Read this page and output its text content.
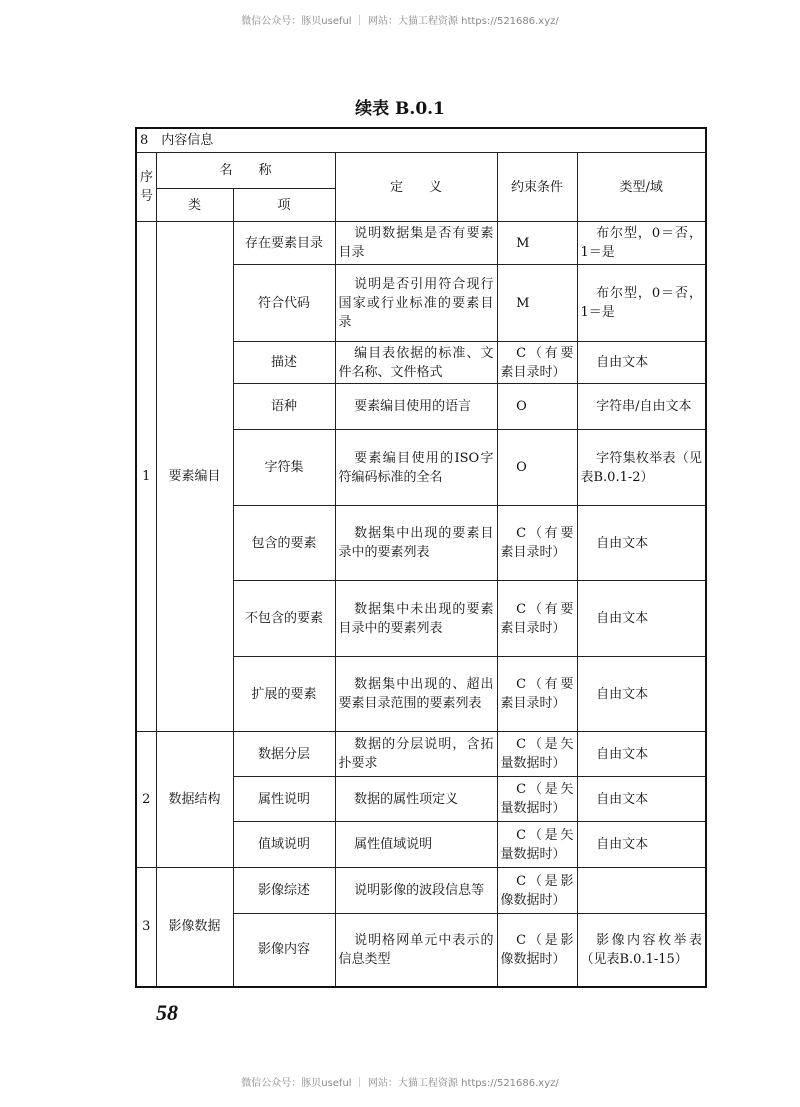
微信公众号：豚贝useful ｜ 网站：大猫工程资源 https://521686.xyz/
续表 B.0.1
8　内容信息					
序号	名　　称		定　　义	约束条件	类型/域
	类	项			
1	要素编目	存在要素目录	说明数据集是否有要素目录	M	布尔型，0＝否，1＝是
		符合代码	说明是否引用符合现行国家或行业标准的要素目录	M	布尔型，0＝否，1＝是
		描述	编目表依据的标准、文件名称、文件格式	C（有要素目录时）	自由文本
		语种	要素编目使用的语言	O	字符串/自由文本
		字符集	要素编目使用的ISO字符编码标准的全名	O	字符集枚举表（见表B.0.1-2）
		包含的要素	数据集中出现的要素目录中的要素列表	C（有要素目录时）	自由文本
		不包含的要素	数据集中未出现的要素目录中的要素列表	C（有要素目录时）	自由文本
		扩展的要素	数据集中出现的、超出要素目录范围的要素列表	C（有要素目录时）	自由文本
2	数据结构	数据分层	数据的分层说明，含拓扑要求	C（是矢量数据时）	自由文本
		属性说明	数据的属性项定义	C（是矢量数据时）	自由文本
		值域说明	属性值域说明	C（是矢量数据时）	自由文本
3	影像数据	影像综述	说明影像的波段信息等	C（是影像数据时）	
		影像内容	说明格网单元中表示的信息类型	C（是影像数据时）	影像内容枚举表（见表B.0.1-15）
58
微信公众号：豚贝useful ｜ 网站：大猫工程资源 https://521686.xyz/
